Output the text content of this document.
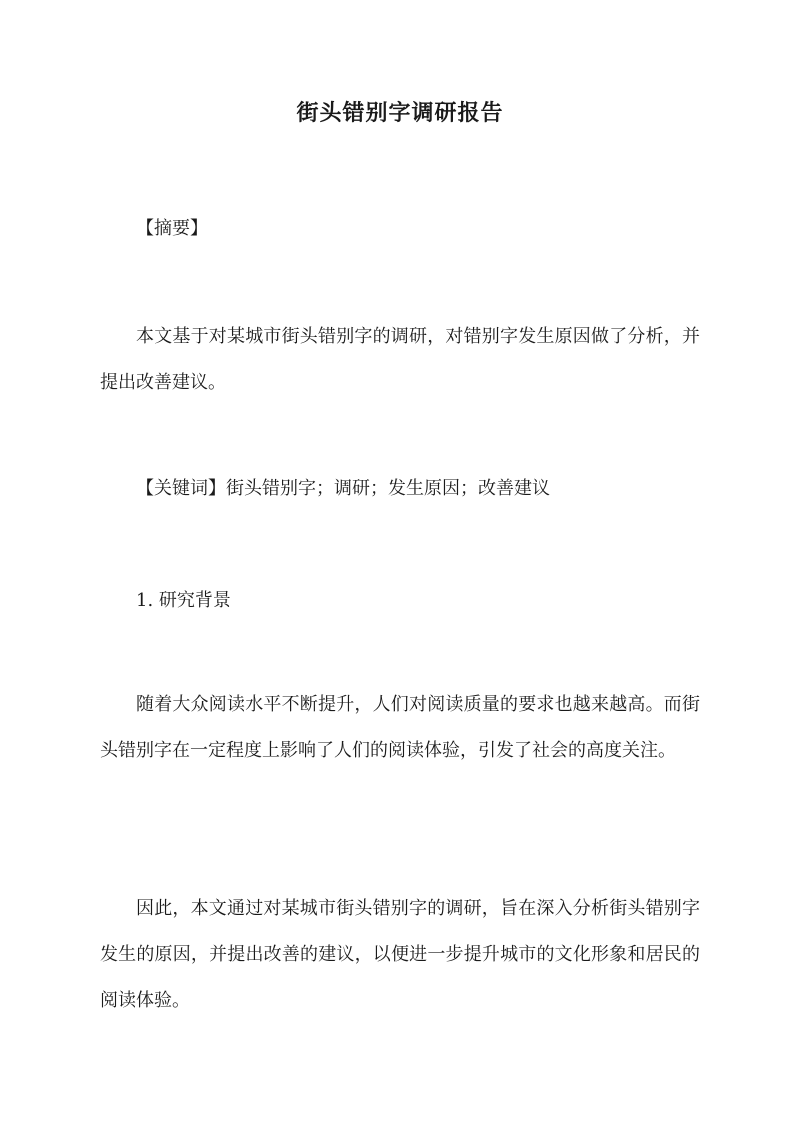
街头错别字调研报告

【摘要】

本文基于对某城市街头错别字的调研，对错别字发生原因做了分析，并提出改善建议。

【关键词】街头错别字；调研；发生原因；改善建议

1. 研究背景

随着大众阅读水平不断提升，人们对阅读质量的要求也越来越高。而街头错别字在一定程度上影响了人们的阅读体验，引发了社会的高度关注。

因此，本文通过对某城市街头错别字的调研，旨在深入分析街头错别字发生的原因，并提出改善的建议，以便进一步提升城市的文化形象和居民的阅读体验。
